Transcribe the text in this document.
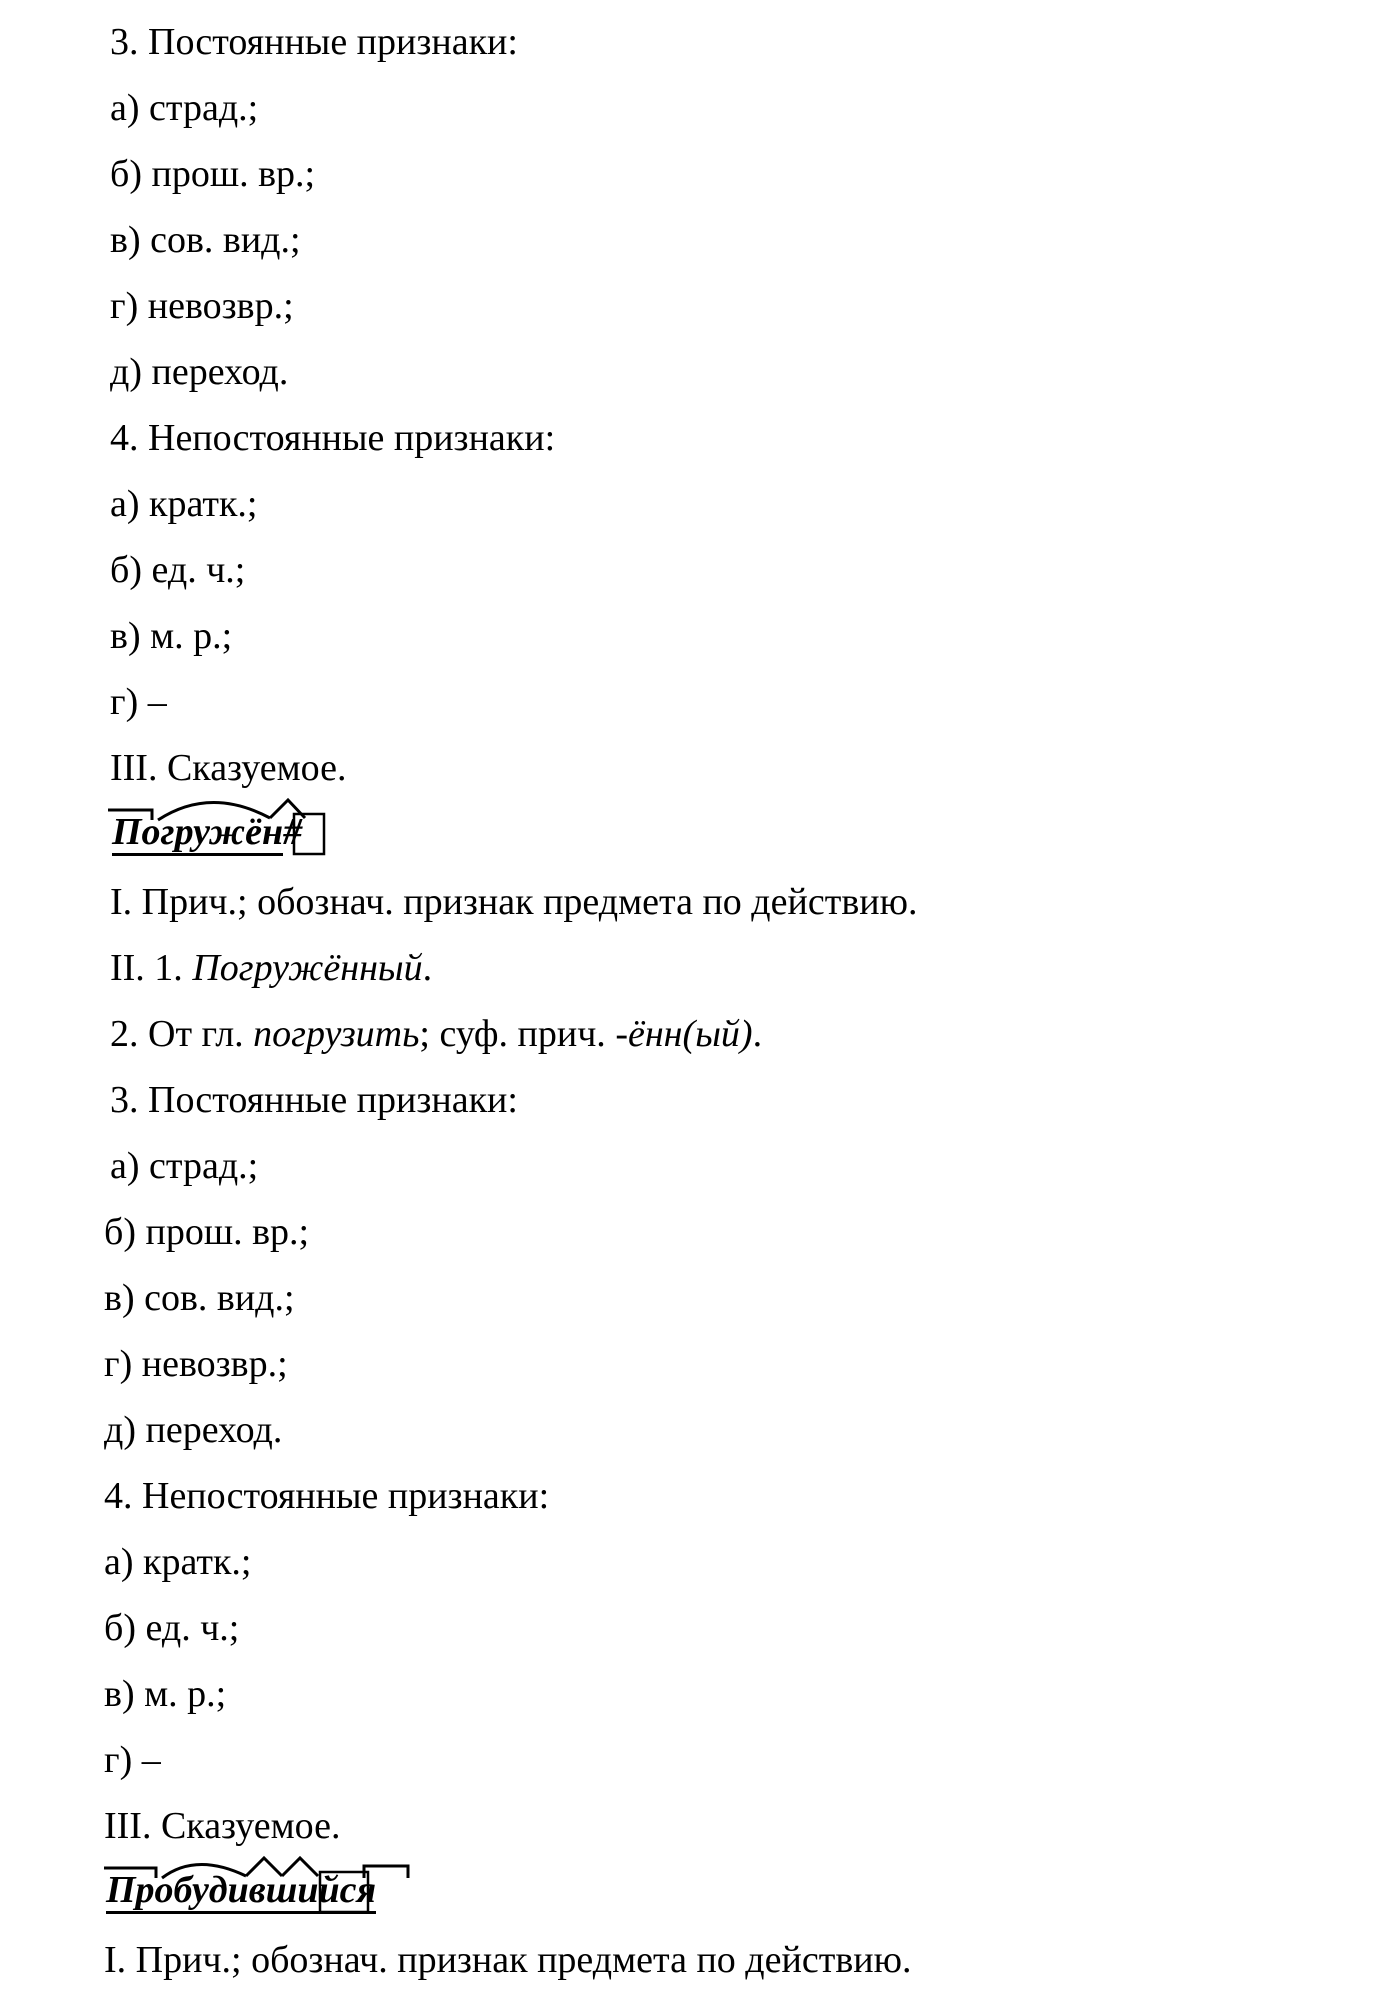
3. Постоянные признаки:
а) страд.;
б) прош. вр.;
в) сов. вид.;
г) невозвр.;
д) переход.
4. Непостоянные признаки:
а) кратк.;
б) ед. ч.;
в) м. р.;
г) –
III. Сказуемое.
Погружён#
I. Прич.; обознач. признак предмета по действию.
II. 1. Погружённый.
2. От гл. погрузить; суф. прич. -ённ(ый).
3. Постоянные признаки:
а) страд.;
б) прош. вр.;
в) сов. вид.;
г) невозвр.;
д) переход.
4. Непостоянные признаки:
а) кратк.;
б) ед. ч.;
в) м. р.;
г) –
III. Сказуемое.
Пробудившийся
I. Прич.; обознач. признак предмета по действию.
